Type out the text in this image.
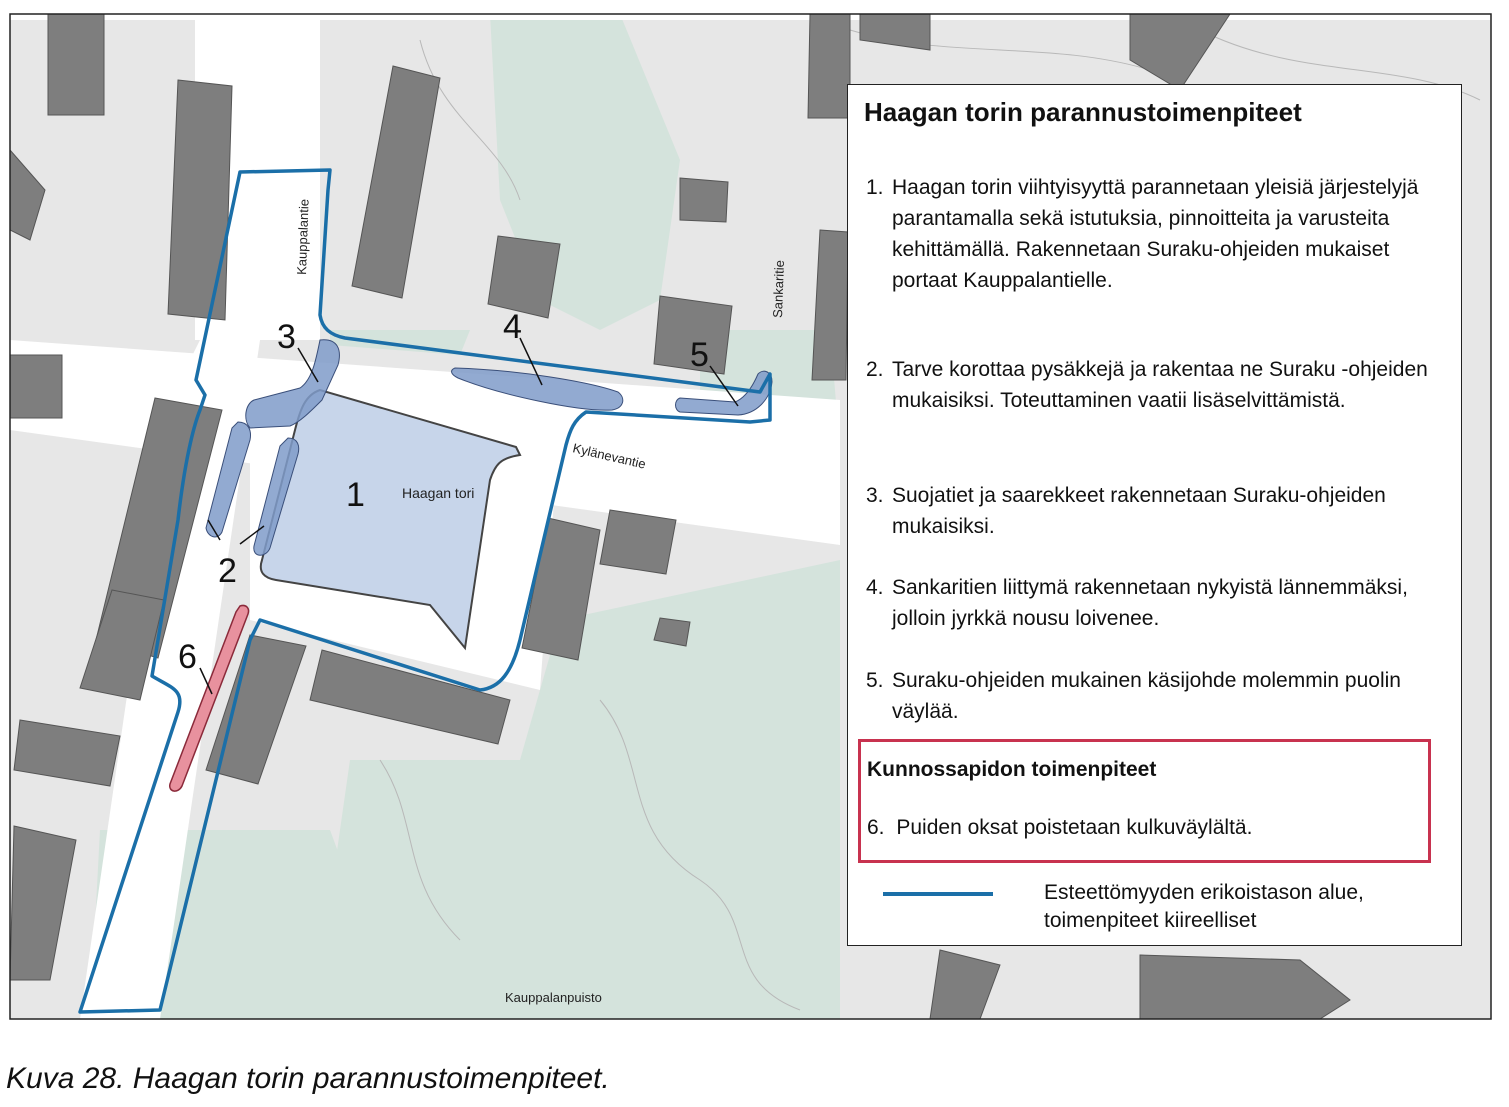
1
2
3	4
5
6
Kauppalantie
Sankaritie
Kylänevantie
Haagan tori
Kauppalanpuisto
Haagan torin parannustoimenpiteet
1. Haagan torin viihtyisyyttä parannetaan yleisiä järjestelyjä parantamalla sekä istutuksia, pinnoitteita ja varusteita kehittämällä. Rakennetaan Suraku-ohjeiden mukaiset portaat Kauppalantielle.
2. Tarve korottaa pysäkkejä ja rakentaa ne Suraku -ohjeiden mukaisiksi. Toteuttaminen vaatii lisäselvittämistä.
3. Suojatiet ja saarekkeet rakennetaan Suraku-ohjeiden mukaisiksi.
4. Sankaritien liittymä rakennetaan nykyistä lännemmäksi, jolloin jyrkkä nousu loivenee.
5. Suraku-ohjeiden mukainen käsijohde molemmin puolin väylää.
Kunnossapidon toimenpiteet
6. Puiden oksat poistetaan kulkuväylältä.
Esteettömyyden erikoistason alue,
toimenpiteet kiireelliset
Kuva 28. Haagan torin parannustoimenpiteet.
